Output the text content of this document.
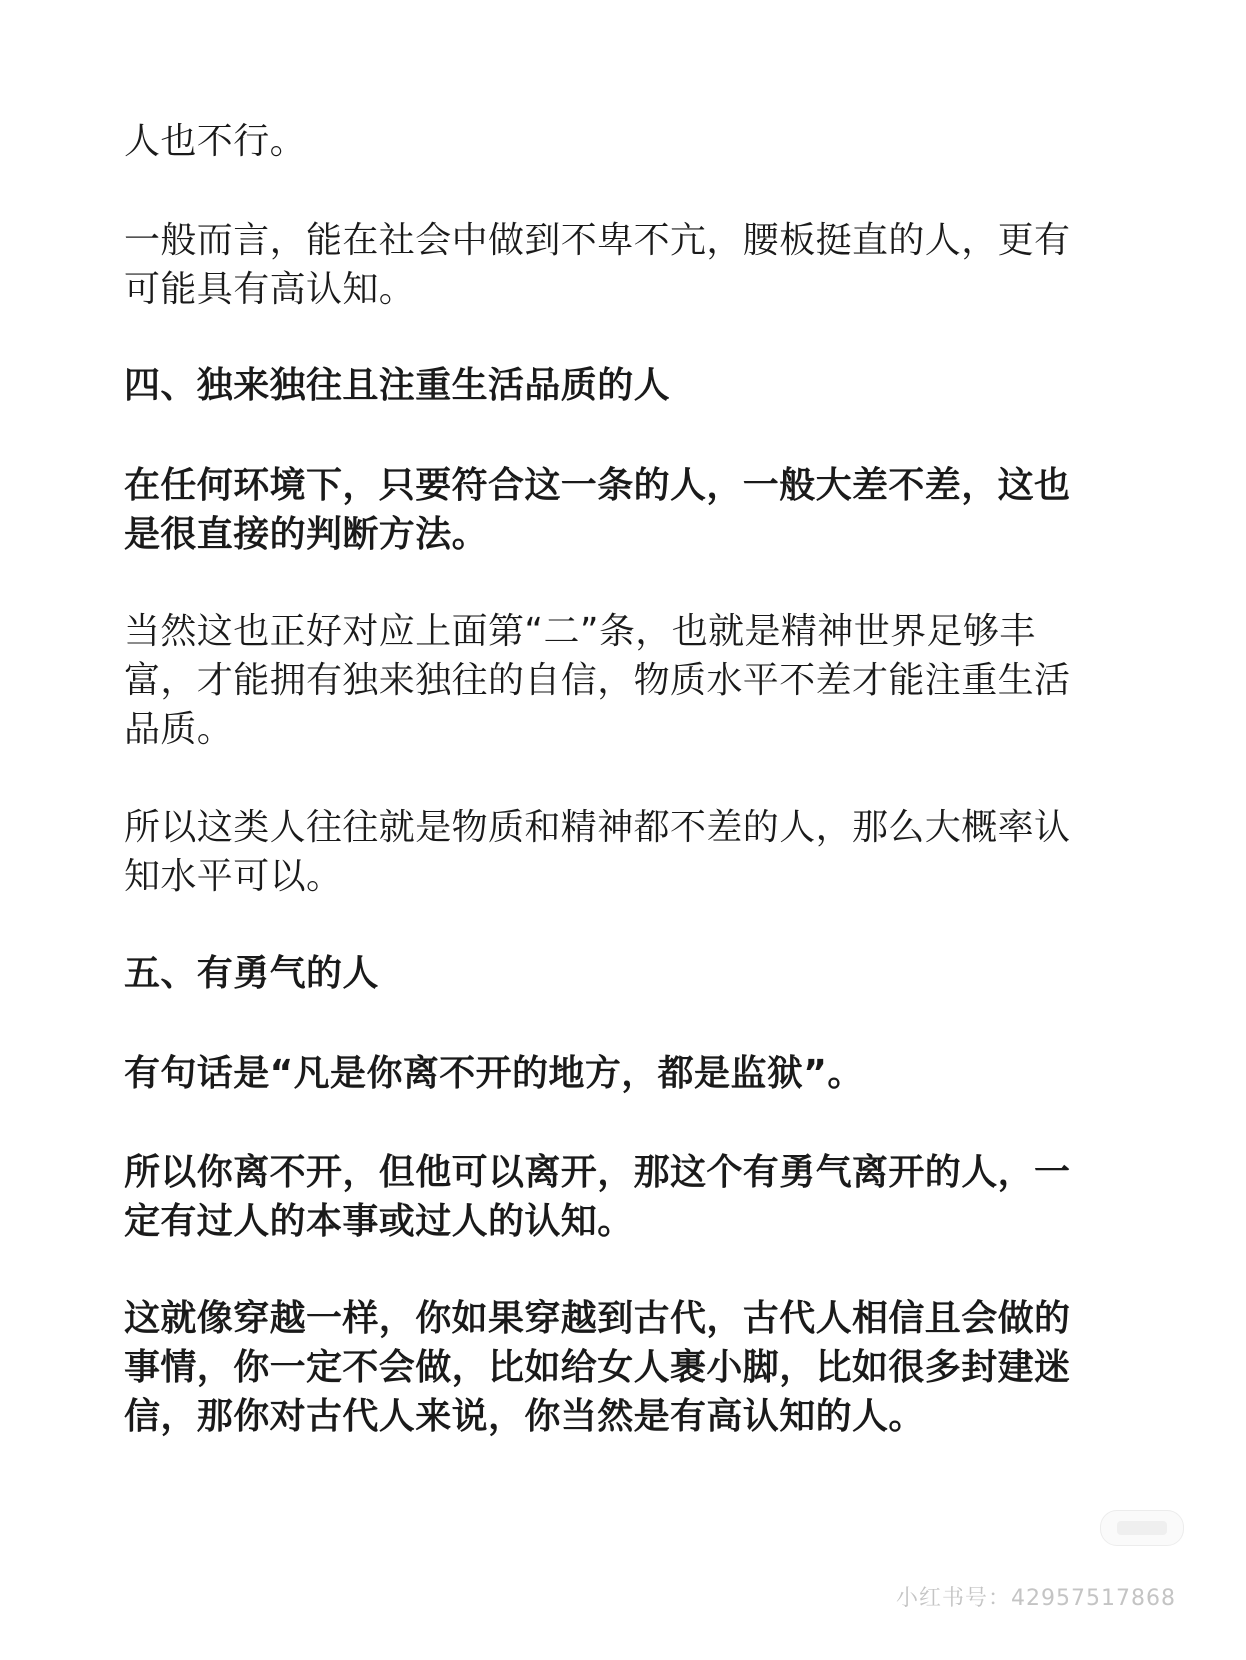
人也不行。

一般而言，能在社会中做到不卑不亢，腰板挺直的人，更有
可能具有高认知。

四、独来独往且注重生活品质的人

在任何环境下，只要符合这一条的人，一般大差不差，这也
是很直接的判断方法。

当然这也正好对应上面第“二”条，也就是精神世界足够丰
富，才能拥有独来独往的自信，物质水平不差才能注重生活
品质。

所以这类人往往就是物质和精神都不差的人，那么大概率认
知水平可以。

五、有勇气的人

有句话是“凡是你离不开的地方，都是监狱”。

所以你离不开，但他可以离开，那这个有勇气离开的人，一
定有过人的本事或过人的认知。

这就像穿越一样，你如果穿越到古代，古代人相信且会做的
事情，你一定不会做，比如给女人裹小脚，比如很多封建迷
信，那你对古代人来说，你当然是有高认知的人。

小红书号：42957517868
